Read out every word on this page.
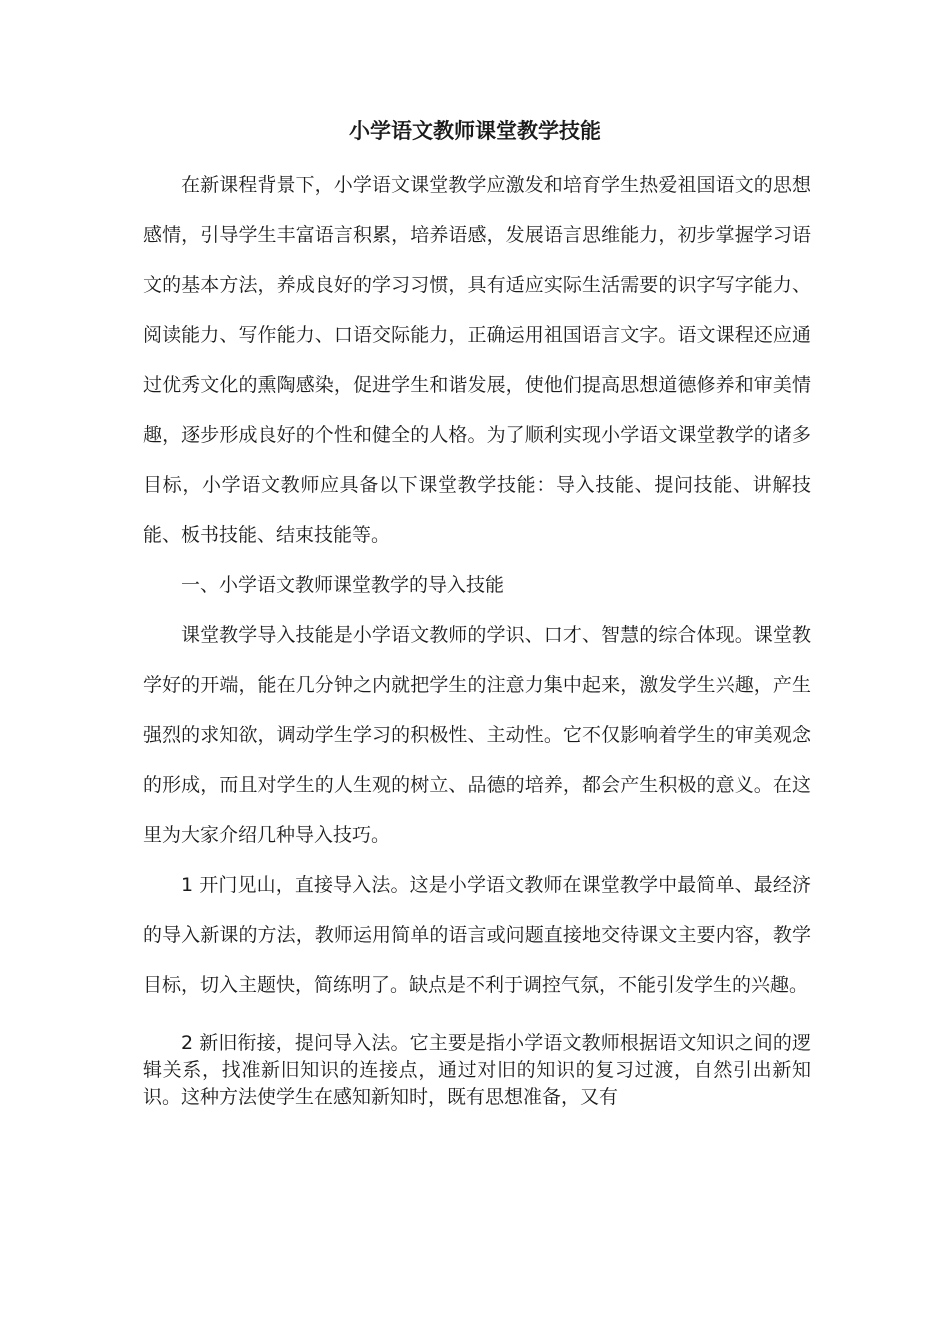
小学语文教师课堂教学技能

在新课程背景下，小学语文课堂教学应激发和培育学生热爱祖国语文的思想感情，引导学生丰富语言积累，培养语感，发展语言思维能力，初步掌握学习语文的基本方法，养成良好的学习习惯，具有适应实际生活需要的识字写字能力、阅读能力、写作能力、口语交际能力，正确运用祖国语言文字。语文课程还应通过优秀文化的熏陶感染，促进学生和谐发展，使他们提高思想道德修养和审美情趣，逐步形成良好的个性和健全的人格。为了顺利实现小学语文课堂教学的诸多目标，小学语文教师应具备以下课堂教学技能：导入技能、提问技能、讲解技能、板书技能、结束技能等。

一、小学语文教师课堂教学的导入技能

课堂教学导入技能是小学语文教师的学识、口才、智慧的综合体现。课堂教学好的开端，能在几分钟之内就把学生的注意力集中起来，激发学生兴趣，产生强烈的求知欲，调动学生学习的积极性、主动性。它不仅影响着学生的审美观念的形成，而且对学生的人生观的树立、品德的培养，都会产生积极的意义。在这里为大家介绍几种导入技巧。

1 开门见山，直接导入法。这是小学语文教师在课堂教学中最简单、最经济的导入新课的方法，教师运用简单的语言或问题直接地交待课文主要内容，教学目标，切入主题快，简练明了。缺点是不利于调控气氛，不能引发学生的兴趣。

2 新旧衔接，提问导入法。它主要是指小学语文教师根据语文知识之间的逻辑关系，找准新旧知识的连接点，通过对旧的知识的复习过渡，自然引出新知识。这种方法使学生在感知新知时，既有思想准备，又有
